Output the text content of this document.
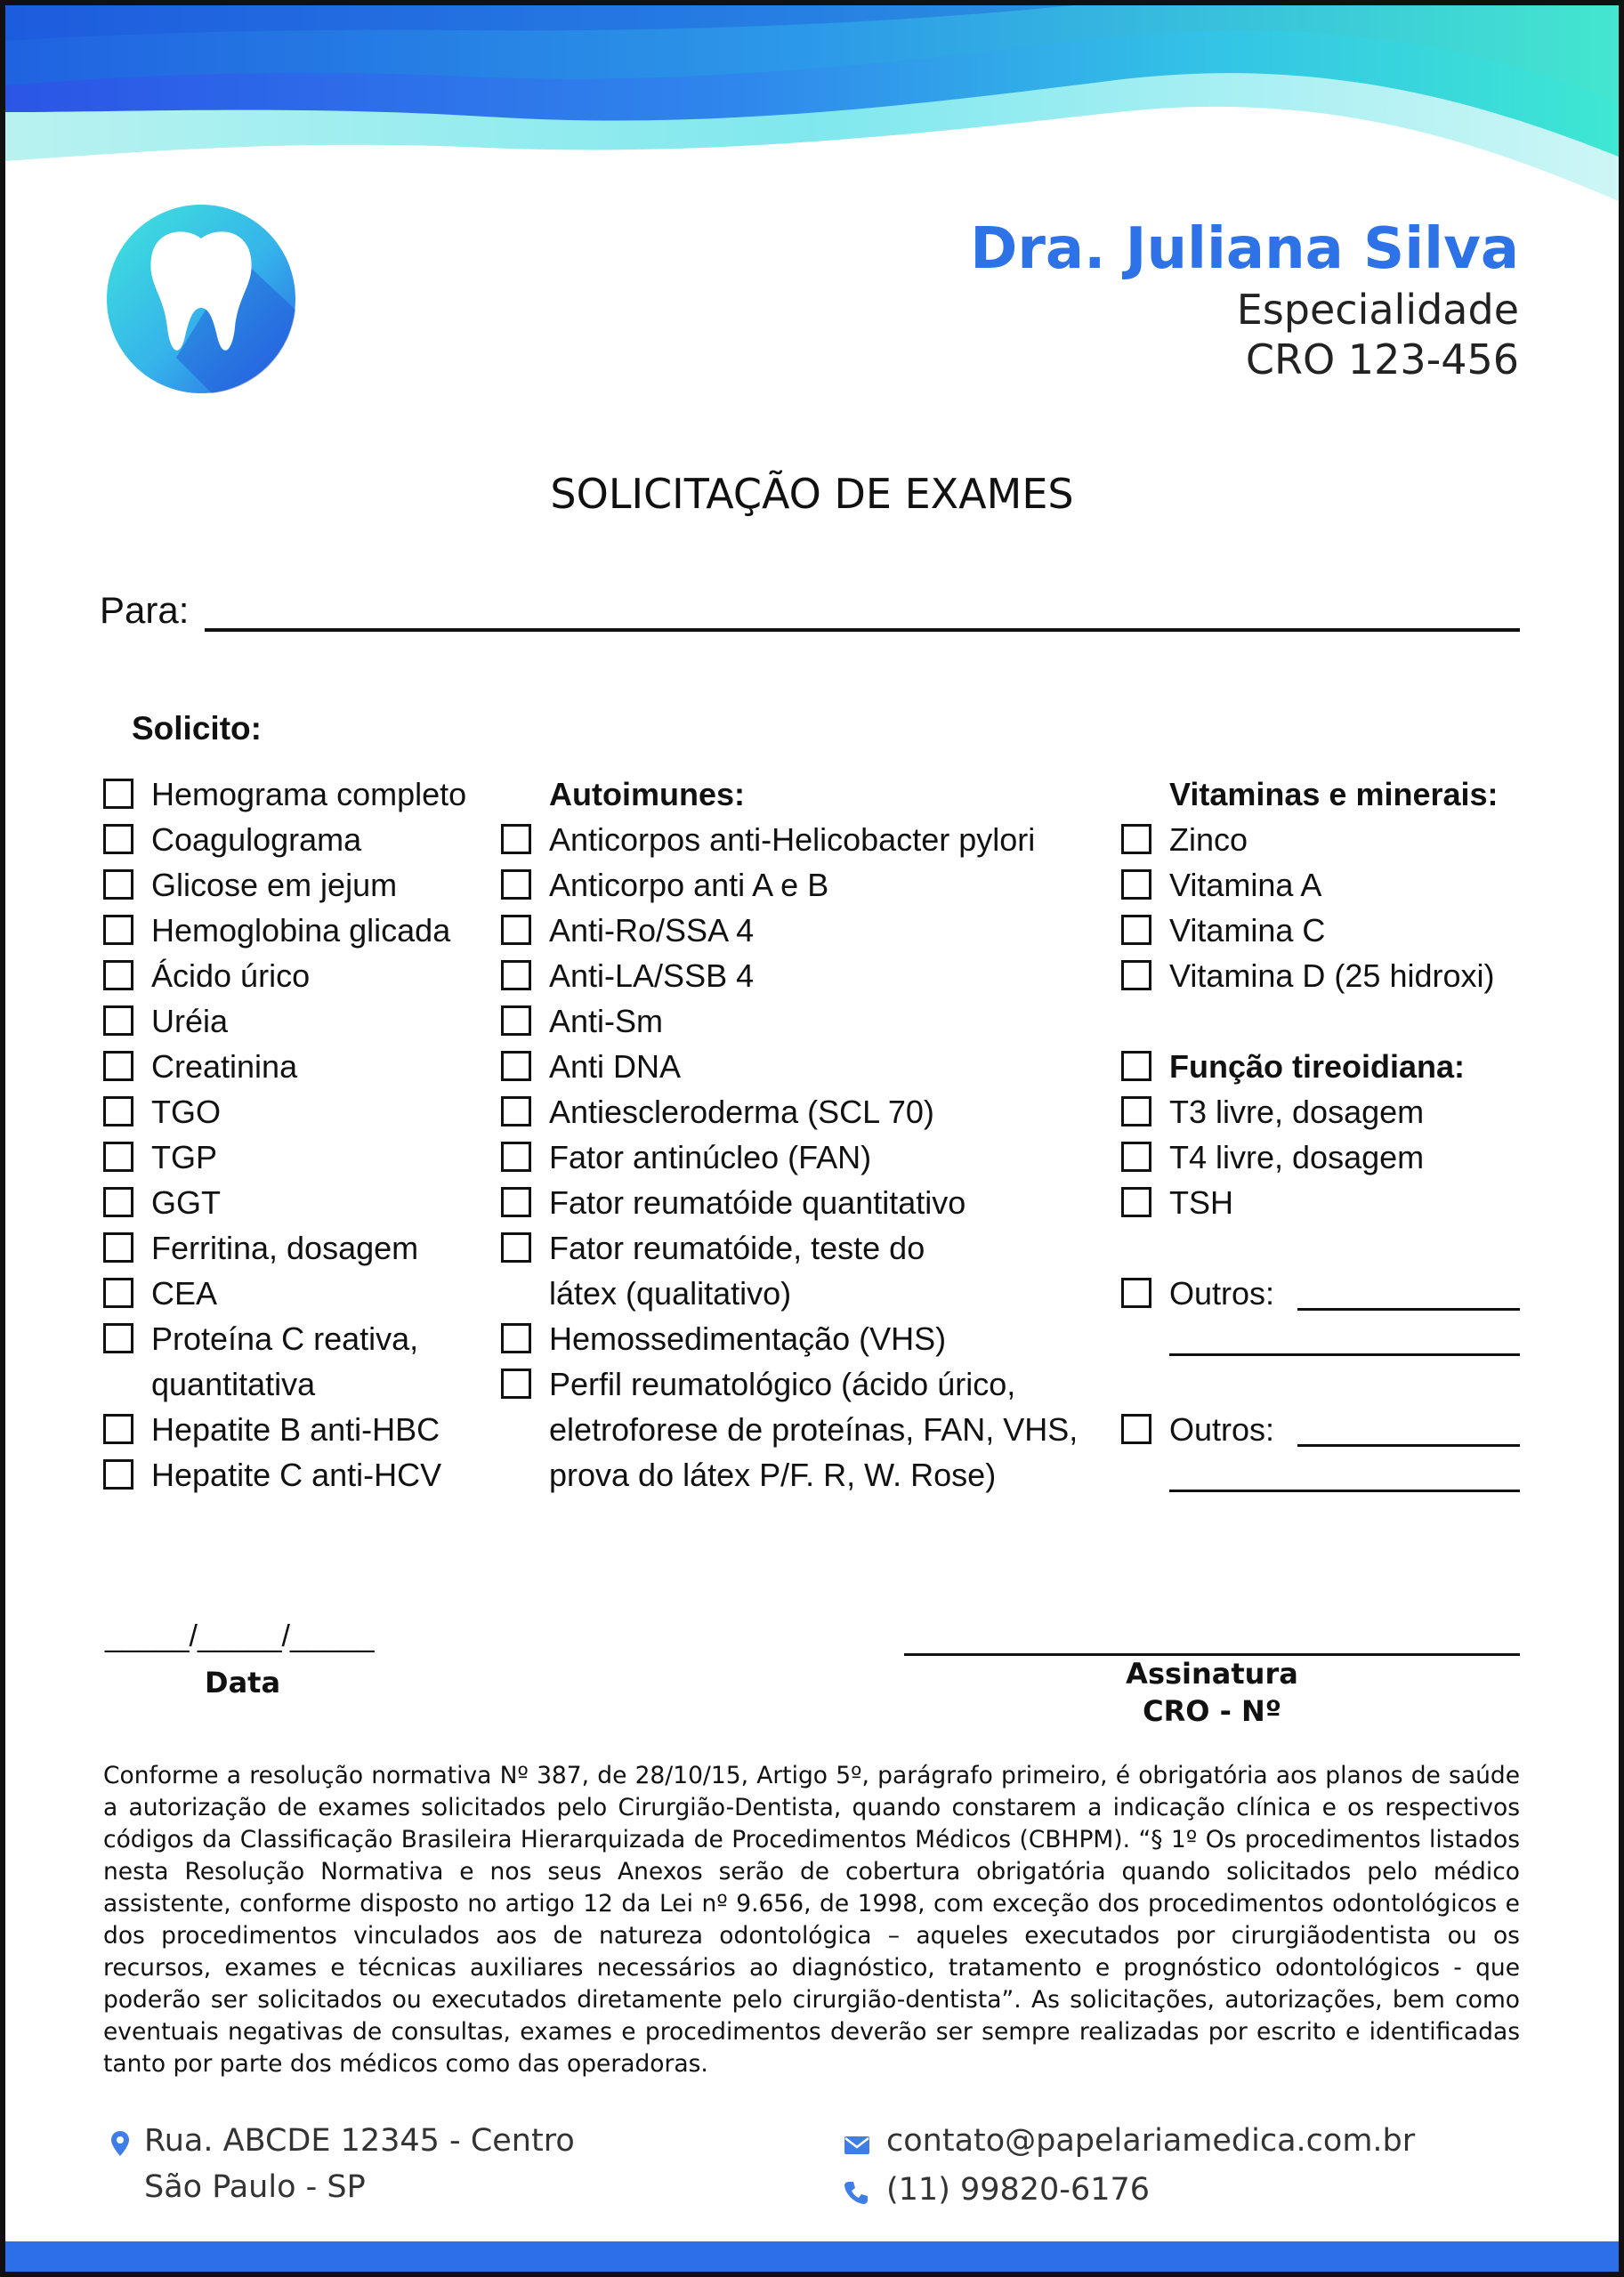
Dra. Juliana Silva
Especialidade
CRO 123-456
SOLICITAÇÃO DE EXAMES
Para:
Solicito:
Hemograma completo
Coagulograma
Glicose em jejum
Hemoglobina glicada
Ácido úrico
Uréia
Creatinina
TGO
TGP
GGT
Ferritina, dosagem
CEA
Proteína C reativa,
quantitativa
Hepatite B anti-HBC
Hepatite C anti-HCV
Autoimunes:
Anticorpos anti-Helicobacter pylori
Anticorpo anti A e B
Anti-Ro/SSA 4
Anti-LA/SSB 4
Anti-Sm
Anti DNA
Antiescleroderma (SCL 70)
Fator antinúcleo (FAN)
Fator reumatóide quantitativo
Fator reumatóide, teste do
látex (qualitativo)
Hemossedimentação (VHS)
Perfil reumatológico (ácido úrico,
eletroforese de proteínas, FAN, VHS,
prova do látex P/F. R, W. Rose)
Vitaminas e minerais:
Zinco
Vitamina A
Vitamina C
Vitamina D (25 hidroxi)
Função tireoidiana:
T3 livre, dosagem
T4 livre, dosagem
TSH
Outros:
Outros:
_____/_____/_____
Data	Assinatura
CRO - Nº
Conforme a resolução normativa Nº 387, de 28/10/15, Artigo 5º, parágrafo primeiro, é obrigatória aos planos de saúde a autorização de exames solicitados pelo Cirurgião-Dentista, quando constarem a indicação clínica e os respectivos códigos da Classificação Brasileira Hierarquizada de Procedimentos Médicos (CBHPM). “§ 1º Os procedimentos listados nesta Resolução Normativa e nos seus Anexos serão de cobertura obrigatória quando solicitados pelo médico assistente, conforme disposto no artigo 12 da Lei nº 9.656, de 1998, com exceção dos procedimentos odontológicos e dos procedimentos vinculados aos de natureza odontológica – aqueles executados por cirurgiãodentista ou os recursos, exames e técnicas auxiliares necessários ao diagnóstico, tratamento e prognóstico odontológicos - que poderão ser solicitados ou executados diretamente pelo cirurgião-dentista”. As solicitações, autorizações, bem como eventuais negativas de consultas, exames e procedimentos deverão ser sempre realizadas por escrito e identificadas tanto por parte dos médicos como das operadoras.
Rua. ABCDE 12345 - Centro
São Paulo - SP
contato@papelariamedica.com.br
(11) 99820-6176
